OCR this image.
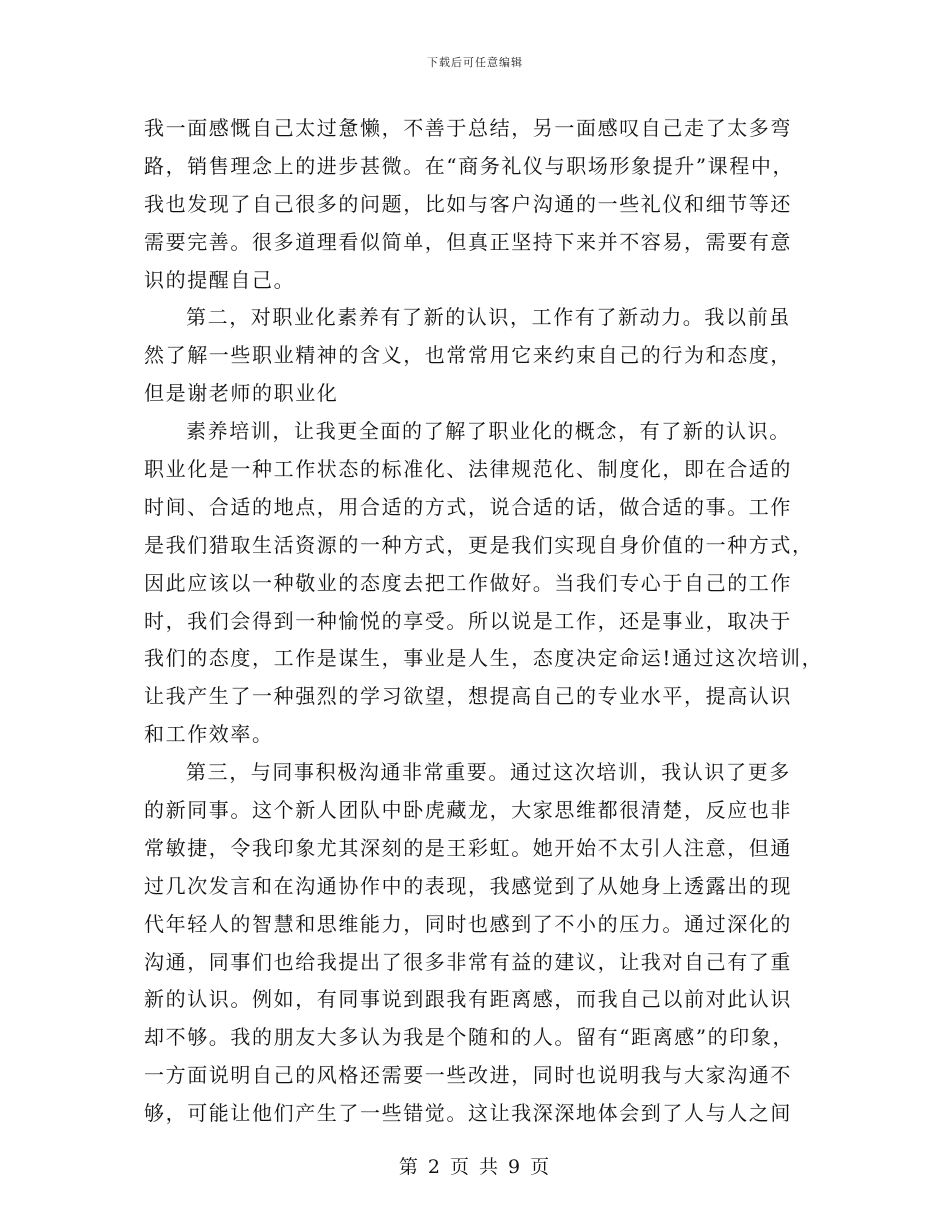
下载后可任意编辑
我一面感慨自己太过惫懒，不善于总结，另一面感叹自己走了太多弯
路，销售理念上的进步甚微。在“商务礼仪与职场形象提升”课程中，
我也发现了自己很多的问题，比如与客户沟通的一些礼仪和细节等还
需要完善。很多道理看似简单，但真正坚持下来并不容易，需要有意
识的提醒自己。
第二，对职业化素养有了新的认识，工作有了新动力。我以前虽
然了解一些职业精神的含义，也常常用它来约束自己的行为和态度，
但是谢老师的职业化
素养培训，让我更全面的了解了职业化的概念，有了新的认识。
职业化是一种工作状态的标准化、法律规范化、制度化，即在合适的
时间、合适的地点，用合适的方式，说合适的话，做合适的事。工作
是我们猎取生活资源的一种方式，更是我们实现自身价值的一种方式，
因此应该以一种敬业的态度去把工作做好。当我们专心于自己的工作
时，我们会得到一种愉悦的享受。所以说是工作，还是事业，取决于
我们的态度，工作是谋生，事业是人生，态度决定命运!通过这次培训，
让我产生了一种强烈的学习欲望，想提高自己的专业水平，提高认识
和工作效率。
第三，与同事积极沟通非常重要。通过这次培训，我认识了更多
的新同事。这个新人团队中卧虎藏龙，大家思维都很清楚，反应也非
常敏捷，令我印象尤其深刻的是王彩虹。她开始不太引人注意，但通
过几次发言和在沟通协作中的表现，我感觉到了从她身上透露出的现
代年轻人的智慧和思维能力，同时也感到了不小的压力。通过深化的
沟通，同事们也给我提出了很多非常有益的建议，让我对自己有了重
新的认识。例如，有同事说到跟我有距离感，而我自己以前对此认识
却不够。我的朋友大多认为我是个随和的人。留有“距离感”的印象，
一方面说明自己的风格还需要一些改进，同时也说明我与大家沟通不
够，可能让他们产生了一些错觉。这让我深深地体会到了人与人之间
第 2 页 共 9 页
